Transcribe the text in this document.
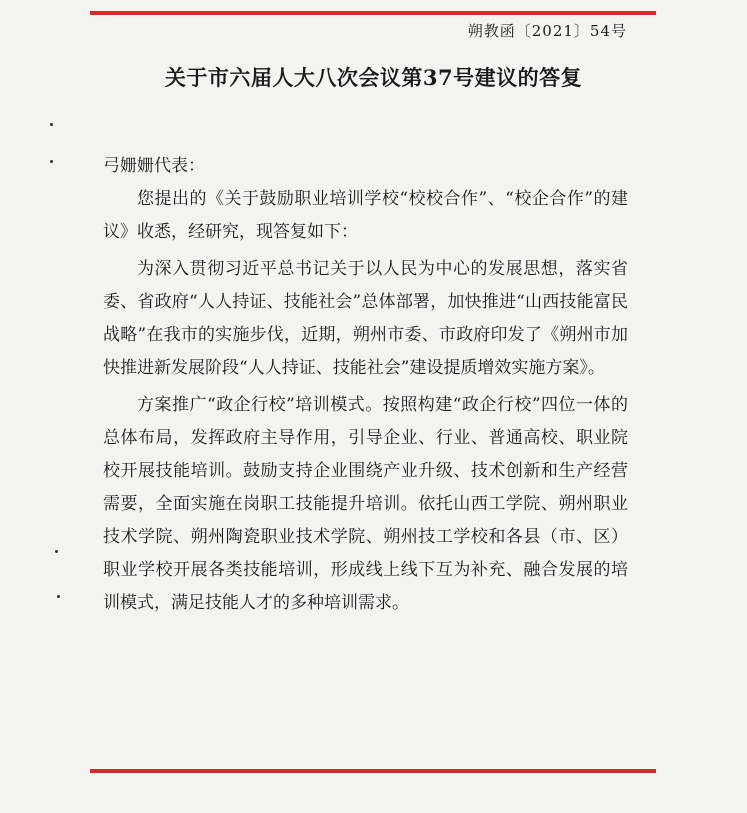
朔教函〔2021〕54号
关于市六届人大八次会议第37号建议的答复

弓姗姗代表：

您提出的《关于鼓励职业培训学校“校校合作”、“校企合作”的建议》收悉，经研究，现答复如下：

为深入贯彻习近平总书记关于以人民为中心的发展思想，落实省委、省政府“人人持证、技能社会”总体部署，加快推进“山西技能富民战略”在我市的实施步伐，近期，朔州市委、市政府印发了《朔州市加快推进新发展阶段“人人持证、技能社会”建设提质增效实施方案》。

方案推广“政企行校”培训模式。按照构建“政企行校”四位一体的总体布局，发挥政府主导作用，引导企业、行业、普通高校、职业院校开展技能培训。鼓励支持企业围绕产业升级、技术创新和生产经营需要，全面实施在岗职工技能提升培训。依托山西工学院、朔州职业技术学院、朔州陶瓷职业技术学院、朔州技工学校和各县（市、区）职业学校开展各类技能培训，形成线上线下互为补充、融合发展的培训模式，满足技能人才的多种培训需求。
